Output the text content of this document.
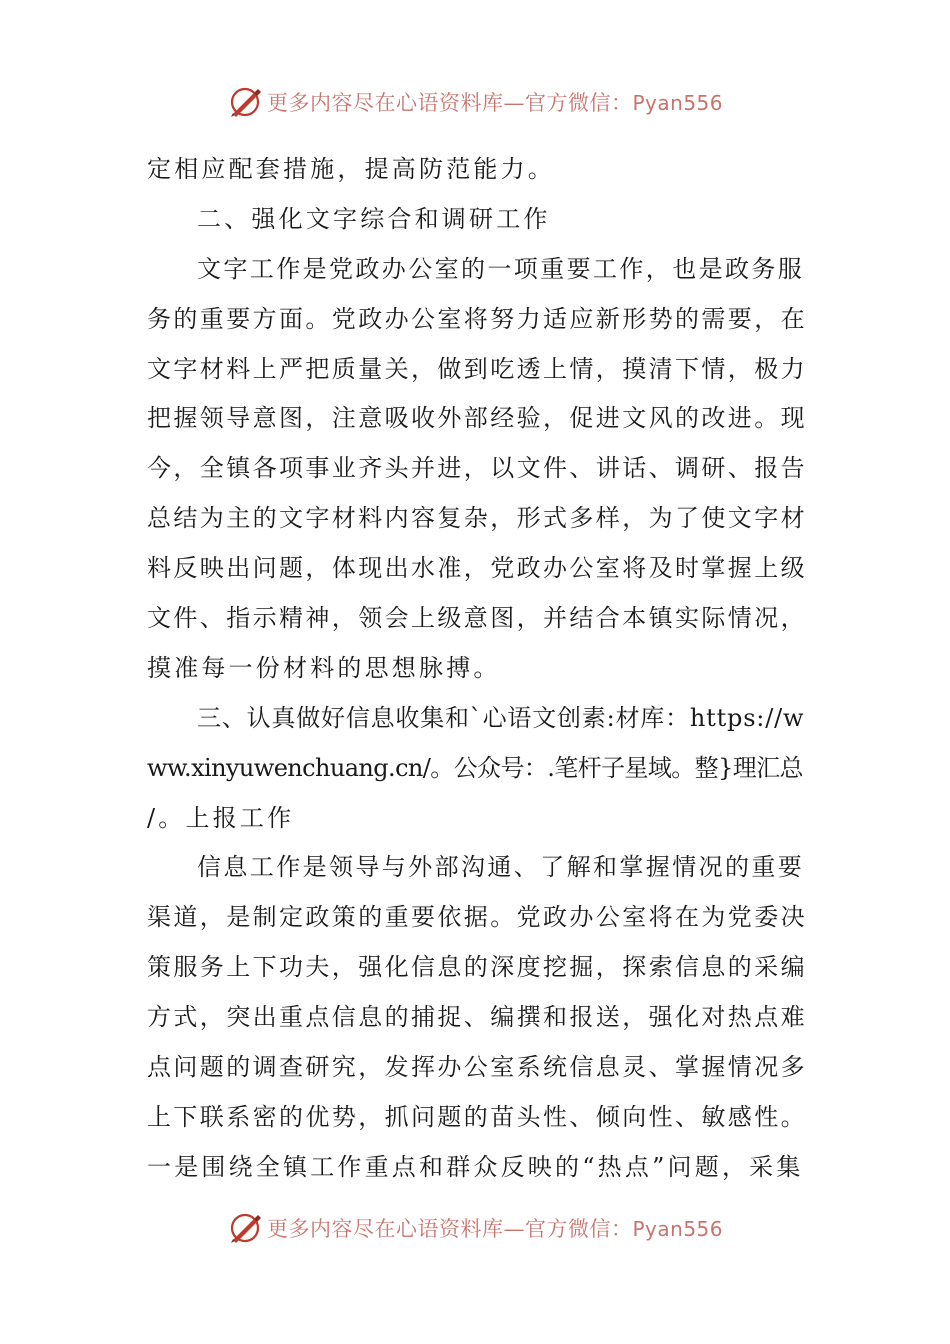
更多内容尽在心语资料库—官方微信：Pyan556
定相应配套措施，提高防范能力。
二、强化文字综合和调研工作
文字工作是党政办公室的一项重要工作，也是政务服
务的重要方面。党政办公室将努力适应新形势的需要，在
文字材料上严把质量关，做到吃透上情，摸清下情，极力
把握领导意图，注意吸收外部经验，促进文风的改进。现
今，全镇各项事业齐头并进，以文件、讲话、调研、报告
总结为主的文字材料内容复杂，形式多样，为了使文字材
料反映出问题，体现出水准，党政办公室将及时掌握上级
文件、指示精神，领会上级意图，并结合本镇实际情况，
摸准每一份材料的思想脉搏。
三、认真做好信息收集和`心语文创素:材库：https://w
ww.xinyuwenchuang.cn/。公众号：.笔杆子星域。整}理汇总
/。上报工作
信息工作是领导与外部沟通、了解和掌握情况的重要
渠道，是制定政策的重要依据。党政办公室将在为党委决
策服务上下功夫，强化信息的深度挖掘，探索信息的采编
方式，突出重点信息的捕捉、编撰和报送，强化对热点难
点问题的调查研究，发挥办公室系统信息灵、掌握情况多
上下联系密的优势，抓问题的苗头性、倾向性、敏感性。
一是围绕全镇工作重点和群众反映的“热点”问题，采集
更多内容尽在心语资料库—官方微信：Pyan556
